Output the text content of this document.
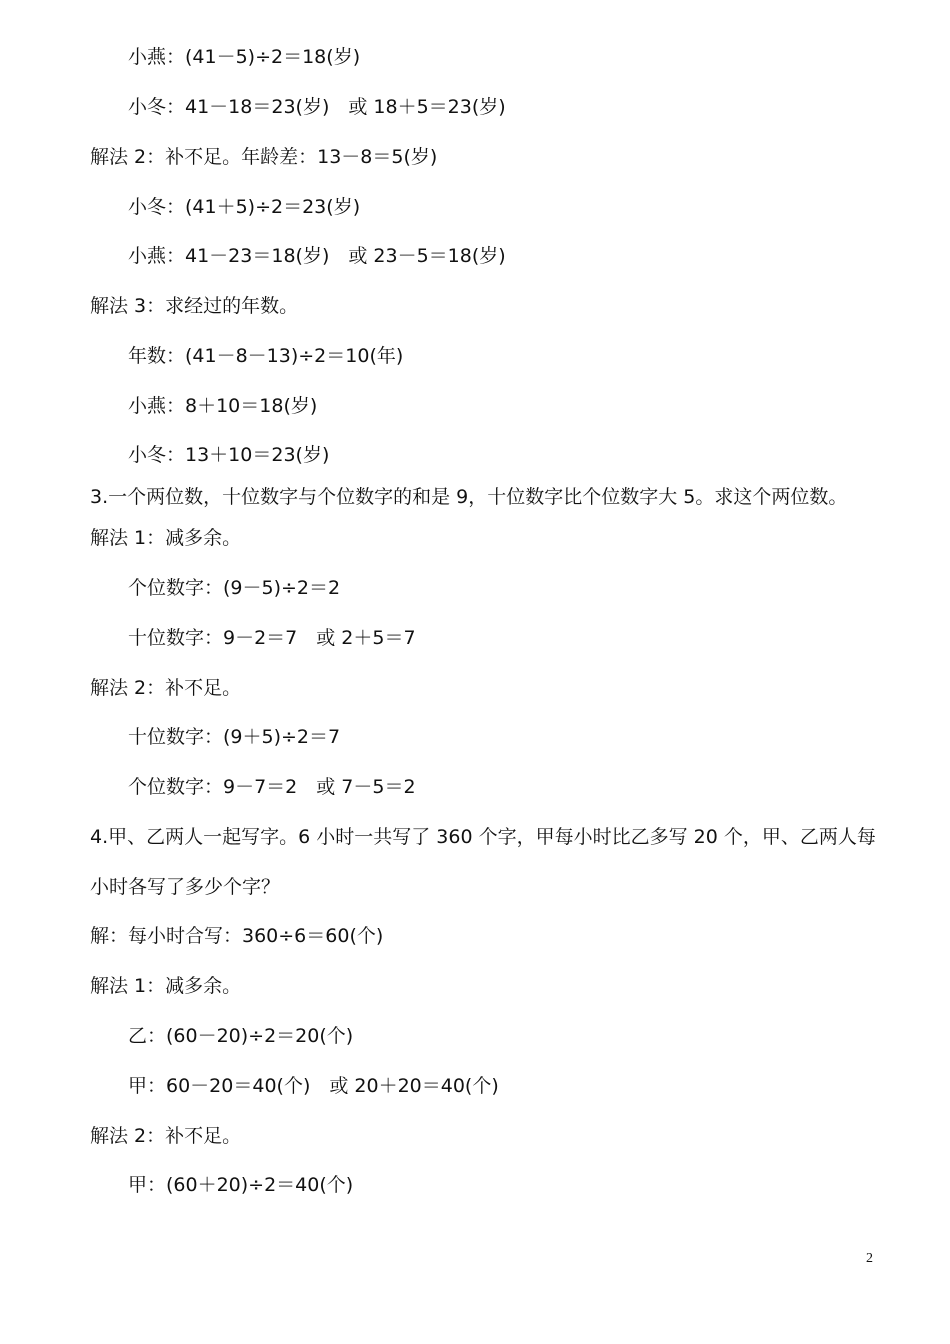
小燕：(41－5)÷2＝18(岁)
小冬：41－18＝23(岁)　或 18＋5＝23(岁)
解法 2：补不足。年龄差：13－8＝5(岁)
小冬：(41＋5)÷2＝23(岁)
小燕：41－23＝18(岁)　或 23－5＝18(岁)
解法 3：求经过的年数。
年数：(41－8－13)÷2＝10(年)
小燕：8＋10＝18(岁)
小冬：13＋10＝23(岁)
3.一个两位数，十位数字与个位数字的和是 9，十位数字比个位数字大 5。求这个两位数。
解法 1：减多余。
个位数字：(9－5)÷2＝2
十位数字：9－2＝7　或 2＋5＝7
解法 2：补不足。
十位数字：(9＋5)÷2＝7
个位数字：9－7＝2　或 7－5＝2
4.甲、乙两人一起写字。6 小时一共写了 360 个字，甲每小时比乙多写 20 个，甲、乙两人每
小时各写了多少个字？
解：每小时合写：360÷6＝60(个)
解法 1：减多余。
乙：(60－20)÷2＝20(个)
甲：60－20＝40(个)　或 20＋20＝40(个)
解法 2：补不足。
甲：(60＋20)÷2＝40(个)
2
